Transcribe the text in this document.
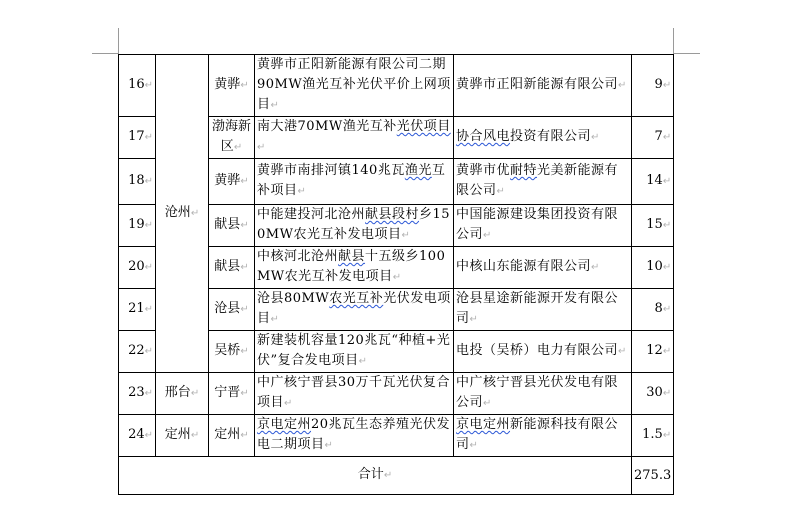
16↵	沧州↵	黄骅↵	黄骅市正阳新能源有限公司二期90MW渔光互补光伏平价上网项目↵	黄骅市正阳新能源有限公司↵	9↵
17↵		渤海新区↵	南大港70MW渔光互补光伏项目↵	协合风电投资有限公司↵	7↵
18↵		黄骅↵	黄骅市南排河镇140兆瓦渔光互补项目↵	黄骅市优耐特光美新能源有限公司↵	14↵
19↵		献县↵	中能建投河北沧州献县段村乡150MW农光互补发电项目↵	中国能源建设集团投资有限公司↵	15↵
20↵		献县↵	中核河北沧州献县十五级乡100MW农光互补发电项目↵	中核山东能源有限公司↵	10↵
21↵		沧县↵	沧县80MW农光互补光伏发电项目↵	沧县星途新能源开发有限公司↵	8↵
22↵		吴桥↵	新建装机容量120兆瓦“种植+光伏”复合发电项目↵	电投（吴桥）电力有限公司↵	12↵
23↵	邢台↵	宁晋↵	中广核宁晋县30万千瓦光伏复合项目↵	中广核宁晋县光伏发电有限公司↵	30↵
24↵	定州↵	定州↵	京电定州20兆瓦生态养殖光伏发电二期项目↵	京电定州新能源科技有限公司↵	1.5↵
合计↵					275.3
